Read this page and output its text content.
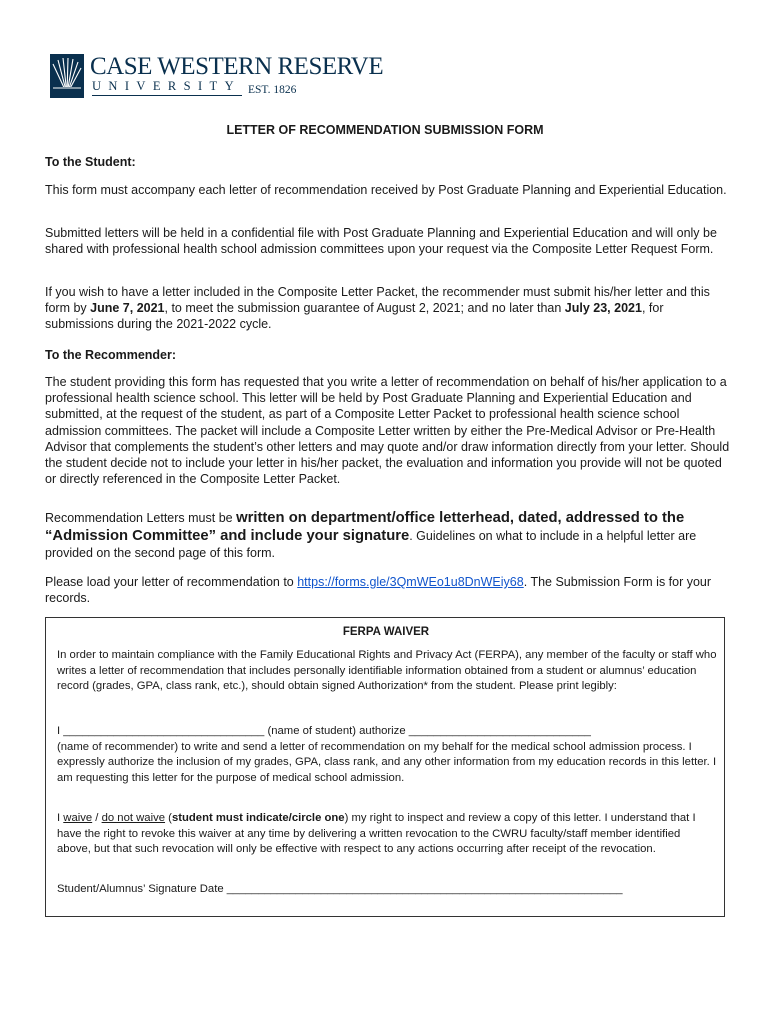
CASE WESTERN RESERVE
UNIVERSITY EST. 1826
LETTER OF RECOMMENDATION SUBMISSION FORM
To the Student:
This form must accompany each letter of recommendation received by Post Graduate Planning and Experiential Education.
Submitted letters will be held in a confidential file with Post Graduate Planning and Experiential Education and will only be shared with professional health school admission committees upon your request via the Composite Letter Request Form.
If you wish to have a letter included in the Composite Letter Packet, the recommender must submit his/her letter and this form by June 7, 2021, to meet the submission guarantee of August 2, 2021; and no later than July 23, 2021, for submissions during the 2021-2022 cycle.
To the Recommender:
The student providing this form has requested that you write a letter of recommendation on behalf of his/her application to a professional health science school. This letter will be held by Post Graduate Planning and Experiential Education and submitted, at the request of the student, as part of a Composite Letter Packet to professional health science school admission committees. The packet will include a Composite Letter written by either the Pre-Medical Advisor or Pre-Health Advisor that complements the student’s other letters and may quote and/or draw information directly from your letter. Should the student decide not to include your letter in his/her packet, the evaluation and information you provide will not be quoted or directly referenced in the Composite Letter Packet.
Recommendation Letters must be written on department/office letterhead, dated, addressed to the “Admission Committee” and include your signature. Guidelines on what to include in a helpful letter are provided on the second page of this form.
Please load your letter of recommendation to https://forms.gle/3QmWEo1u8DnWEiy68. The Submission Form is for your records.
FERPA WAIVER
In order to maintain compliance with the Family Educational Rights and Privacy Act (FERPA), any member of the faculty or staff who writes a letter of recommendation that includes personally identifiable information obtained from a student or alumnus’ education record (grades, GPA, class rank, etc.), should obtain signed Authorization* from the student. Please print legibly:
I ________________________________ (name of student) authorize _____________________________
(name of recommender) to write and send a letter of recommendation on my behalf for the medical school admission process. I expressly authorize the inclusion of my grades, GPA, class rank, and any other information from my education records in this letter. I am requesting this letter for the purpose of medical school admission.
I waive / do not waive (student must indicate/circle one) my right to inspect and review a copy of this letter. I understand that I have the right to revoke this waiver at any time by delivering a written revocation to the CWRU faculty/staff member identified above, but that such revocation will only be effective with respect to any actions occurring after receipt of the revocation.
Student/Alumnus’ Signature Date _______________________________________________________________
